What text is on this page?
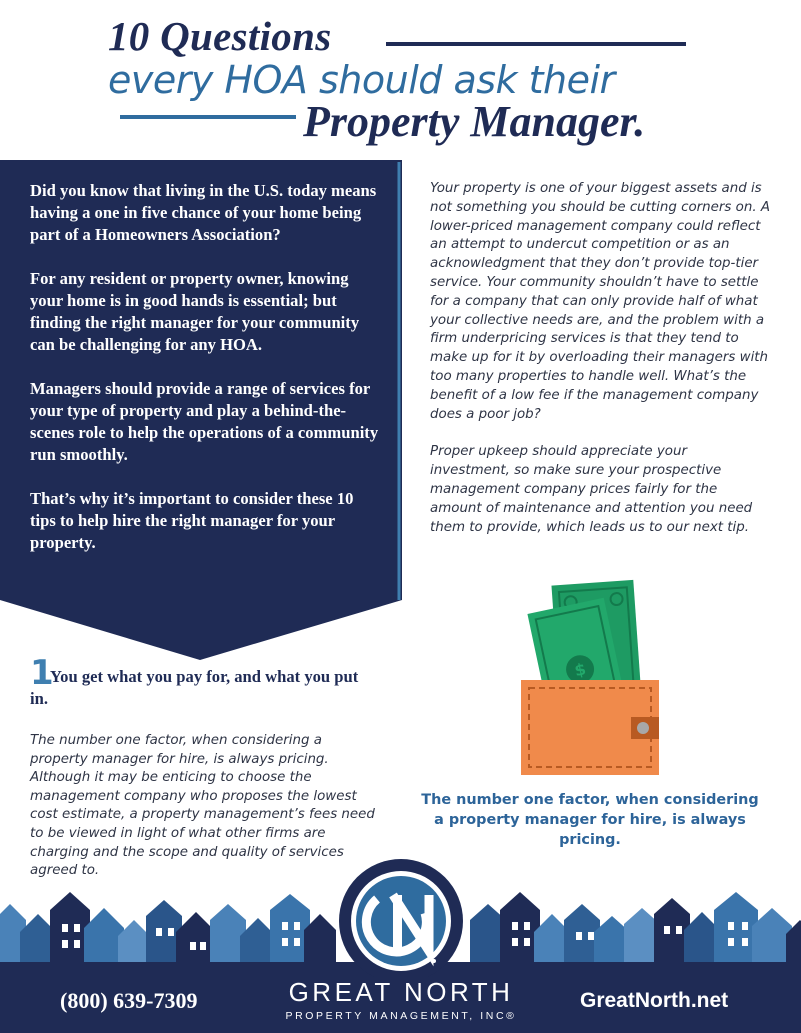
10 Questions
every HOA should ask their
Property Manager.

Did you know that living in the U.S. today means having a one in five chance of your home being part of a Homeowners Association?

For any resident or property owner, knowing your home is in good hands is essential; but finding the right manager for your community can be challenging for any HOA.

Managers should provide a range of services for your type of property and play a behind-the-scenes role to help the operations of a community run smoothly.

That’s why it’s important to consider these 10 tips to help hire the right manager for your property.

Your property is one of your biggest assets and is not something you should be cutting corners on. A lower-priced management company could reflect an attempt to undercut competition or as an acknowledgment that they don’t provide top-tier service. Your community shouldn’t have to settle for a company that can only provide half of what your collective needs are, and the problem with a firm underpricing services is that they tend to make up for it by overloading their managers with too many properties to handle well. What’s the benefit of a low fee if the management company does a poor job?

Proper upkeep should appreciate your investment, so make sure your prospective management company prices fairly for the amount of maintenance and attention you need them to provide, which leads us to our next tip.

1
You get what you pay for, and what you put in.
The number one factor, when considering a property manager for hire, is always pricing. Although it may be enticing to choose the management company who proposes the lowest cost estimate, a property management’s fees need to be viewed in light of what other firms are charging and the scope and quality of services agreed to.
$
The number one factor, when considering
a property manager for hire, is always pricing.
(800) 639-7309	GREAT NORTH
PROPERTY MANAGEMENT, INC®
GreatNorth.net
